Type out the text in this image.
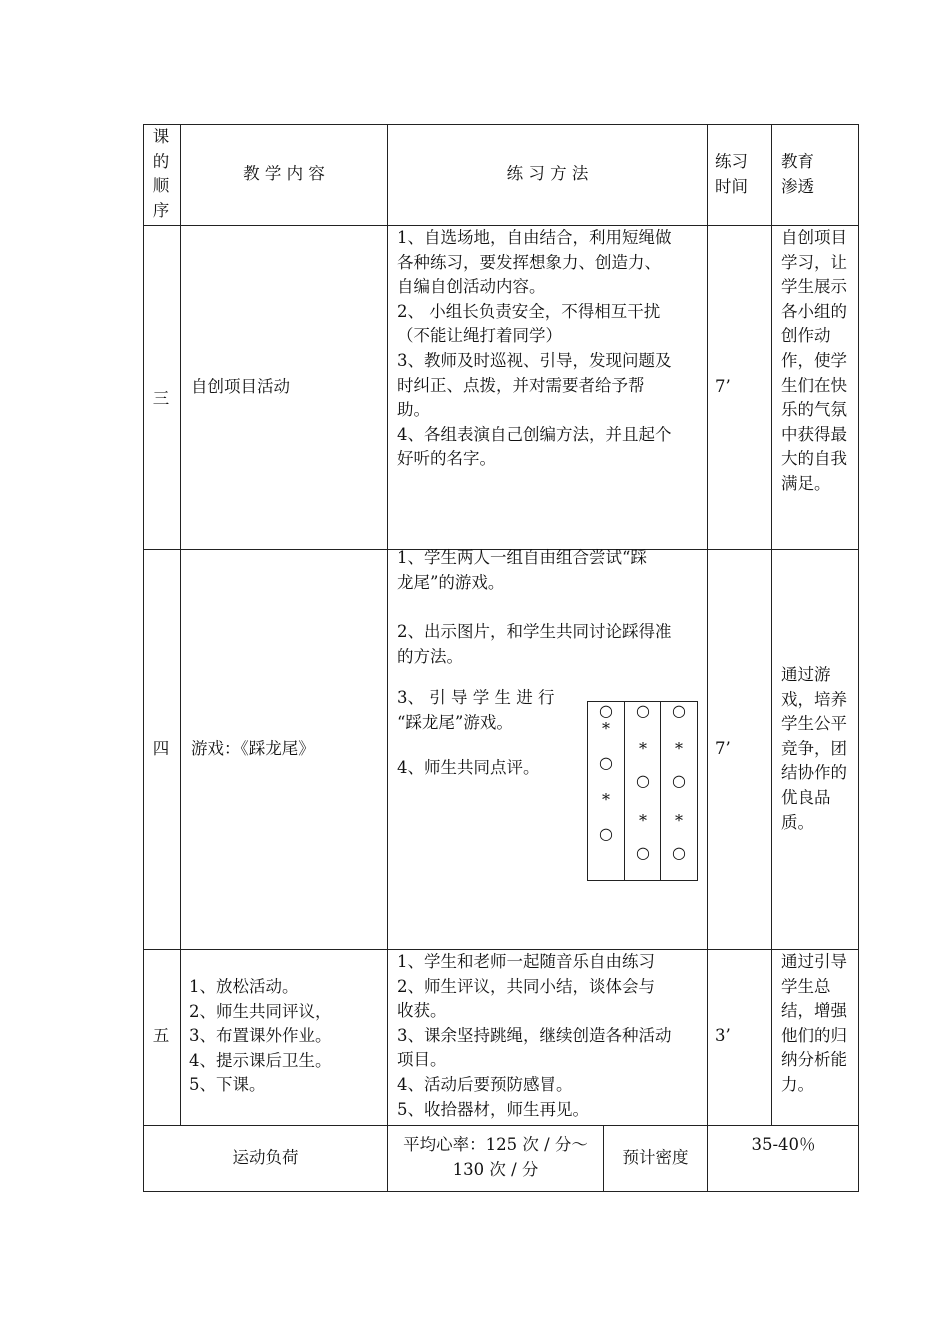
课的顺序
教 学 内 容	练 习 方 法
练习时间
教育渗透
三
自创项目活动
1、自选场地，自由结合，利用短绳做
各种练习，要发挥想象力、创造力、
自编自创活动内容。
2、 小组长负责安全，不得相互干扰
（不能让绳打着同学）
3、教师及时巡视、引导，发现问题及
时纠正、点拨，并对需要者给予帮
助。
4、各组表演自己创编方法，并且起个
好听的名字。
7’
自创项目学习，让学生展示各小组的创作动作，使学生们在快乐的气氛中获得最大的自我满足。
四 游戏：《踩龙尾》
1、学生两人一组自由组合尝试“踩
龙尾”的游戏。
2、出示图片，和学生共同讨论踩得准
的方法。
3、 引 导 学 生 进 行
“踩龙尾”游戏。
4、师生共同点评。
○
*
○
*
○
○
*
○
*
○
○
*
○
*
○
7’
通过游戏，培养学生公平竞争，团结协作的优良品质。
五
1、放松活动。
2、师生共同评议，
3、布置课外作业。
4、提示课后卫生。
5、下课。
1、学生和老师一起随音乐自由练习
2、师生评议，共同小结，谈体会与
收获。
3、课余坚持跳绳，继续创造各种活动
项目。
4、活动后要预防感冒。
5、收拾器材，师生再见。
3’
通过引导学生总结，增强他们的归纳分析能力。
运动负荷
平均心率：125 次 / 分～
130 次 / 分
预计密度
35-40％
